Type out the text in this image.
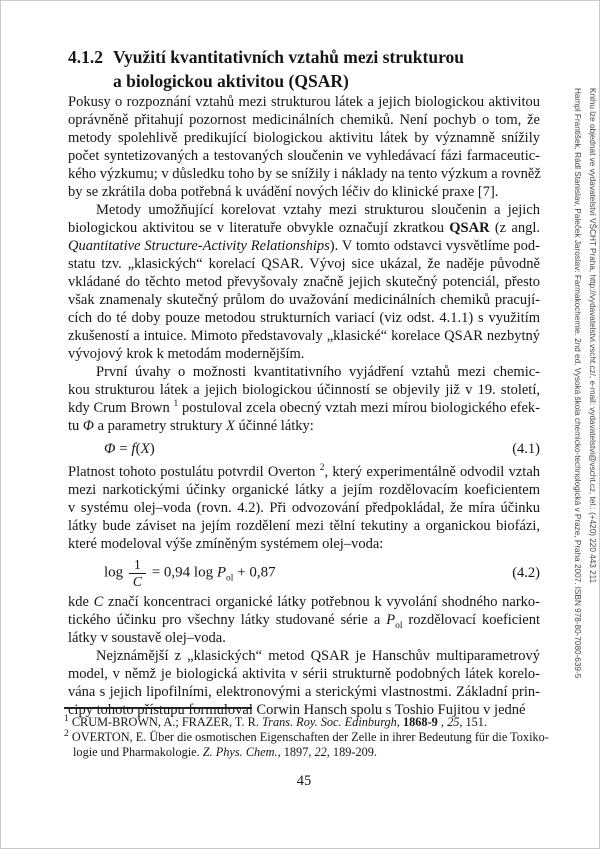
4.1.2 Využití kvantitativních vztahů mezi strukturou
a biologickou aktivitou (QSAR)
Pokusy o rozpoznání vztahů mezi strukturou látek a jejich biologickou aktivitou
oprávněně přitahují pozornost medicinálních chemiků. Není pochyb o tom, že
metody spolehlivě predikující biologickou aktivitu látek by významně snížily
počet syntetizovaných a testovaných sloučenin ve vyhledávací fázi farmaceutic-
kého výzkumu; v důsledku toho by se snížily i náklady na tento výzkum a rovněž
by se zkrátila doba potřebná k uvádění nových léčiv do klinické praxe [7].
Metody umožňující korelovat vztahy mezi strukturou sloučenin a jejich
biologickou aktivitou se v literatuře obvykle označují zkratkou QSAR (z angl.
Quantitative Structure-Activity Relationships). V tomto odstavci vysvětlíme pod-
statu tzv. „klasických“ korelací QSAR. Vývoj sice ukázal, že naděje původně
vkládané do těchto metod převyšovaly značně jejich skutečný potenciál, přesto
však znamenaly skutečný průlom do uvažování medicinálních chemiků pracují-
cích do té doby pouze metodou strukturních variací (viz odst. 4.1.1) s využitím
zkušeností a intuice. Mimoto představovaly „klasické“ korelace QSAR nezbytný
vývojový krok k metodám modernějším.
První úvahy o možnosti kvantitativního vyjádření vztahů mezi chemic-
kou strukturou látek a jejich biologickou účinností se objevily již v 19. století,
kdy Crum Brown $^1$ postuloval zcela obecný vztah mezi mírou biologického efek-
tu Φ a parametry struktury X účinné látky:
Φ = f(X)	(4.1)
Platnost tohoto postulátu potvrdil Overton $^2$, který experimentálně odvodil vztah
mezi narkotickými účinky organické látky a jejím rozdělovacím koeficientem
v systému olej–voda (rovn. 4.2). Při odvozování předpokládal, že míra účinku
látky bude záviset na jejím rozdělení mezi tělní tekutiny a organickou biofázi,
které modeloval výše zmíněným systémem olej–voda:
$\log \frac{1}{C} = 0,94$ $\log P_{ol} + 0,87$	(4.2)
kde C značí koncentraci organické látky potřebnou k vyvolání shodného narko-
tického účinku pro všechny látky studované série a $P_{ol}$ rozdělovací koeficient
látky v soustavě olej–voda.
Nejznámější z „klasických“ metod QSAR je Hanschův multiparametrový
model, v němž je biologická aktivita v sérii strukturně podobných látek korelo-
vána s jejich lipofilními, elektronovými a sterickými vlastnostmi. Základní prin-
cipy tohoto přístupu formuloval Corwin Hansch spolu s Toshio Fujitou v jedné
$^1$ CRUM-BROWN, A.; FRAZER, T. R. Trans. Roy. Soc. Edinburgh, 1868-9 , 25, 151.
$^2$ OVERTON, E. Über die osmotischen Eigenschaften der Zelle in ihrer Bedeutung für die Toxiko-
logie und Pharmakologie. Z. Phys. Chem., 1897, 22, 189-209.
45
Hampl František, Rádl Stanislav, Paleček Jaroslav: Farmakochemie. 2nd ed. Vysoká škola chemicko-technologická v Praze, Praha 2007. ISBN 978-80-7080-639-5 Knihu lze objednat ve vydavatelství VŠCHT Praha, http://vydavatelstvi.vscht.cz/, e-mail: vydavatelstvi@vscht.cz, tel.: (+420) 220 443 211
